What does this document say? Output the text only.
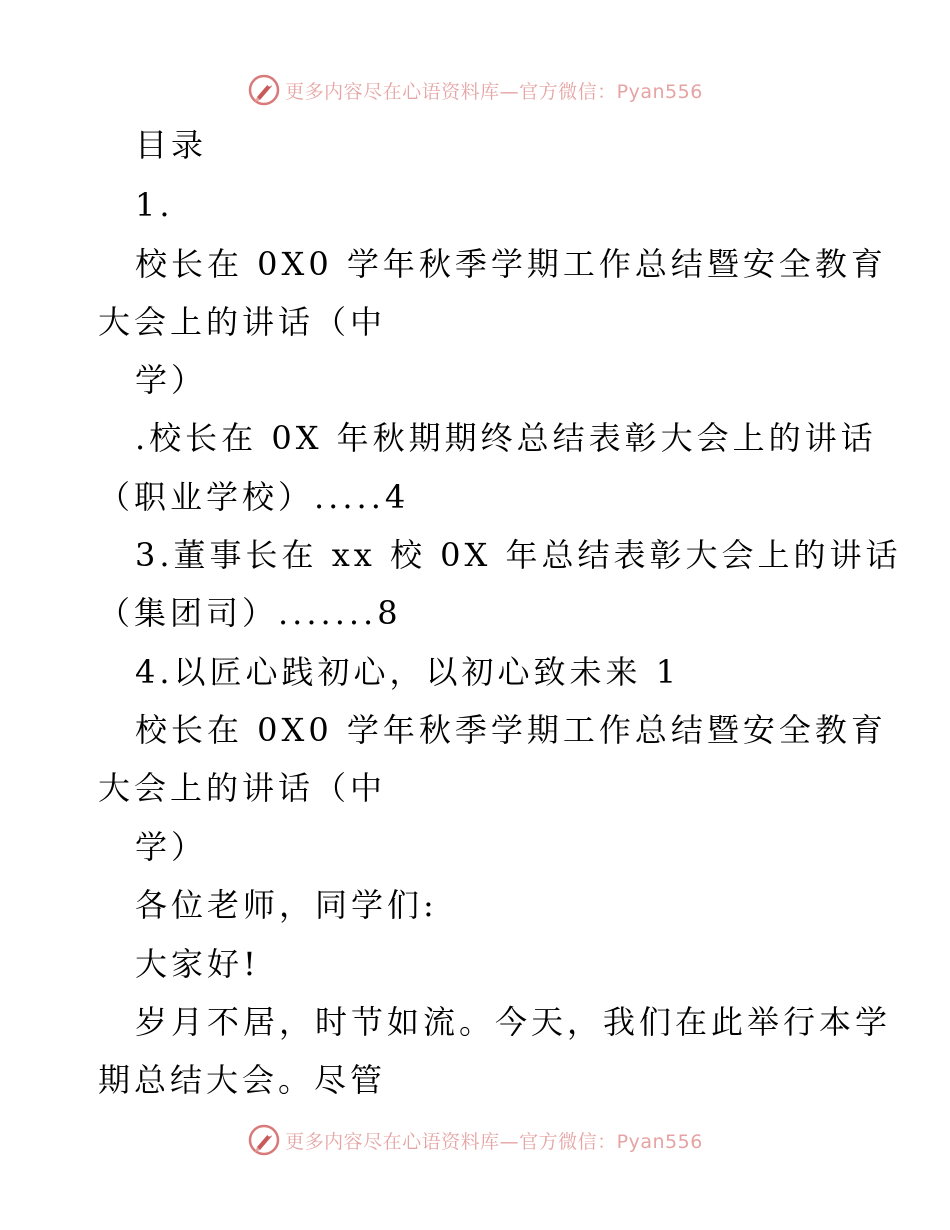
更多内容尽在心语资料库—官方微信：Pyan556
目录
1.
校长在 0X0 学年秋季学期工作总结暨安全教育
大会上的讲话（中
学）
.校长在 0X 年秋期期终总结表彰大会上的讲话
（职业学校）.....4
3.董事长在 xx 校 0X 年总结表彰大会上的讲话
（集团司）.......8
4.以匠心践初心，以初心致未来 1
校长在 0X0 学年秋季学期工作总结暨安全教育
大会上的讲话（中
学）
各位老师，同学们:
大家好!
岁月不居，时节如流。今天，我们在此举行本学
期总结大会。尽管
更多内容尽在心语资料库—官方微信：Pyan556
